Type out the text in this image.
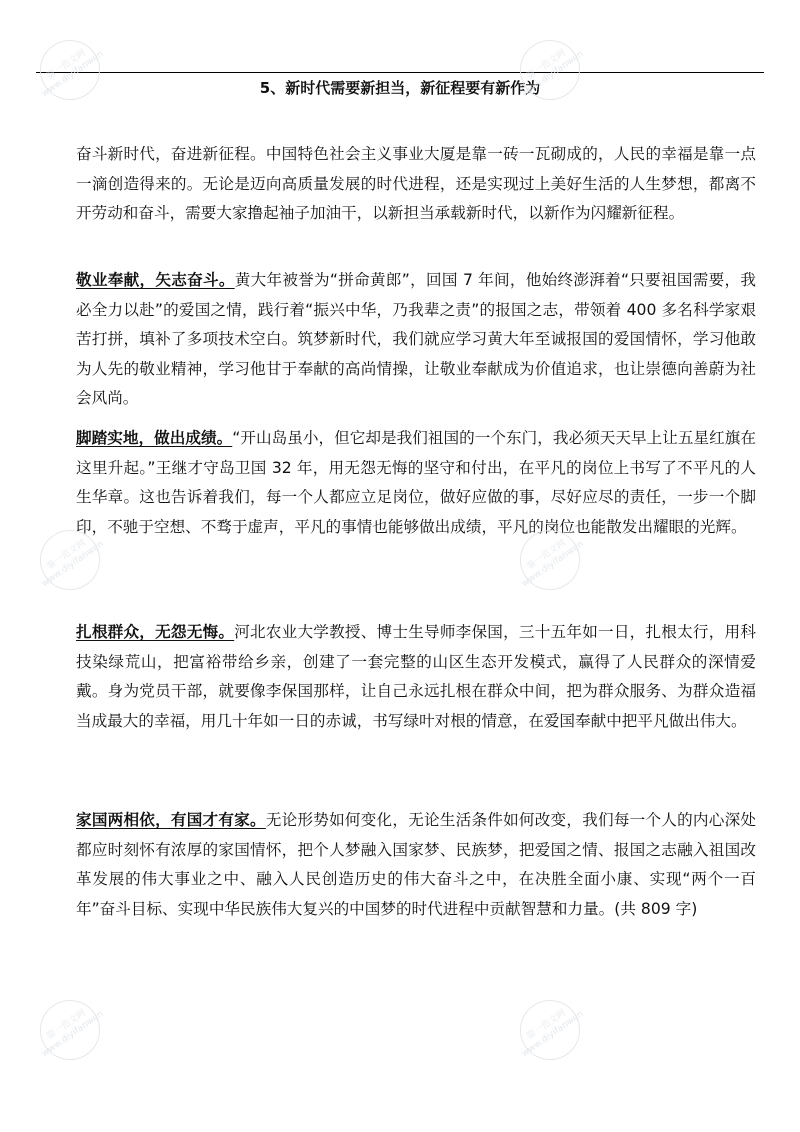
5、新时代需要新担当，新征程要有新作为

奋斗新时代，奋进新征程。中国特色社会主义事业大厦是靠一砖一瓦砌成的，人民的幸福是靠一点一滴创造得来的。无论是迈向高质量发展的时代进程，还是实现过上美好生活的人生梦想，都离不开劳动和奋斗，需要大家撸起袖子加油干，以新担当承载新时代，以新作为闪耀新征程。

敬业奉献，矢志奋斗。黄大年被誉为“拼命黄郎”，回国 7 年间，他始终澎湃着“只要祖国需要，我必全力以赴”的爱国之情，践行着“振兴中华，乃我辈之责”的报国之志，带领着 400 多名科学家艰苦打拼，填补了多项技术空白。筑梦新时代，我们就应学习黄大年至诚报国的爱国情怀，学习他敢为人先的敬业精神，学习他甘于奉献的高尚情操，让敬业奉献成为价值追求，也让崇德向善蔚为社会风尚。

脚踏实地，做出成绩。“开山岛虽小，但它却是我们祖国的一个东门，我必须天天早上让五星红旗在这里升起。”王继才守岛卫国 32 年，用无怨无悔的坚守和付出，在平凡的岗位上书写了不平凡的人生华章。这也告诉着我们，每一个人都应立足岗位，做好应做的事，尽好应尽的责任，一步一个脚印，不驰于空想、不骛于虚声，平凡的事情也能够做出成绩，平凡的岗位也能散发出耀眼的光辉。

扎根群众，无怨无悔。河北农业大学教授、博士生导师李保国，三十五年如一日，扎根太行，用科技染绿荒山，把富裕带给乡亲，创建了一套完整的山区生态开发模式，赢得了人民群众的深情爱戴。身为党员干部，就要像李保国那样，让自己永远扎根在群众中间，把为群众服务、为群众造福当成最大的幸福，用几十年如一日的赤诚，书写绿叶对根的情意，在爱国奉献中把平凡做出伟大。

家国两相依，有国才有家。无论形势如何变化，无论生活条件如何改变，我们每一个人的内心深处都应时刻怀有浓厚的家国情怀，把个人梦融入国家梦、民族梦，把爱国之情、报国之志融入祖国改革发展的伟大事业之中、融入人民创造历史的伟大奋斗之中，在决胜全面小康、实现“两个一百年”奋斗目标、实现中华民族伟大复兴的中国梦的时代进程中贡献智慧和力量。(共 809 字)

第一范文网 www.diyifanwen	第一范文网 www.diyifanwen
第一范文网 www.diyifanwen	第一范文网 www.diyifanwen
第一范文网 www.diyifanwen	第一范文网 www.diyifanwen
